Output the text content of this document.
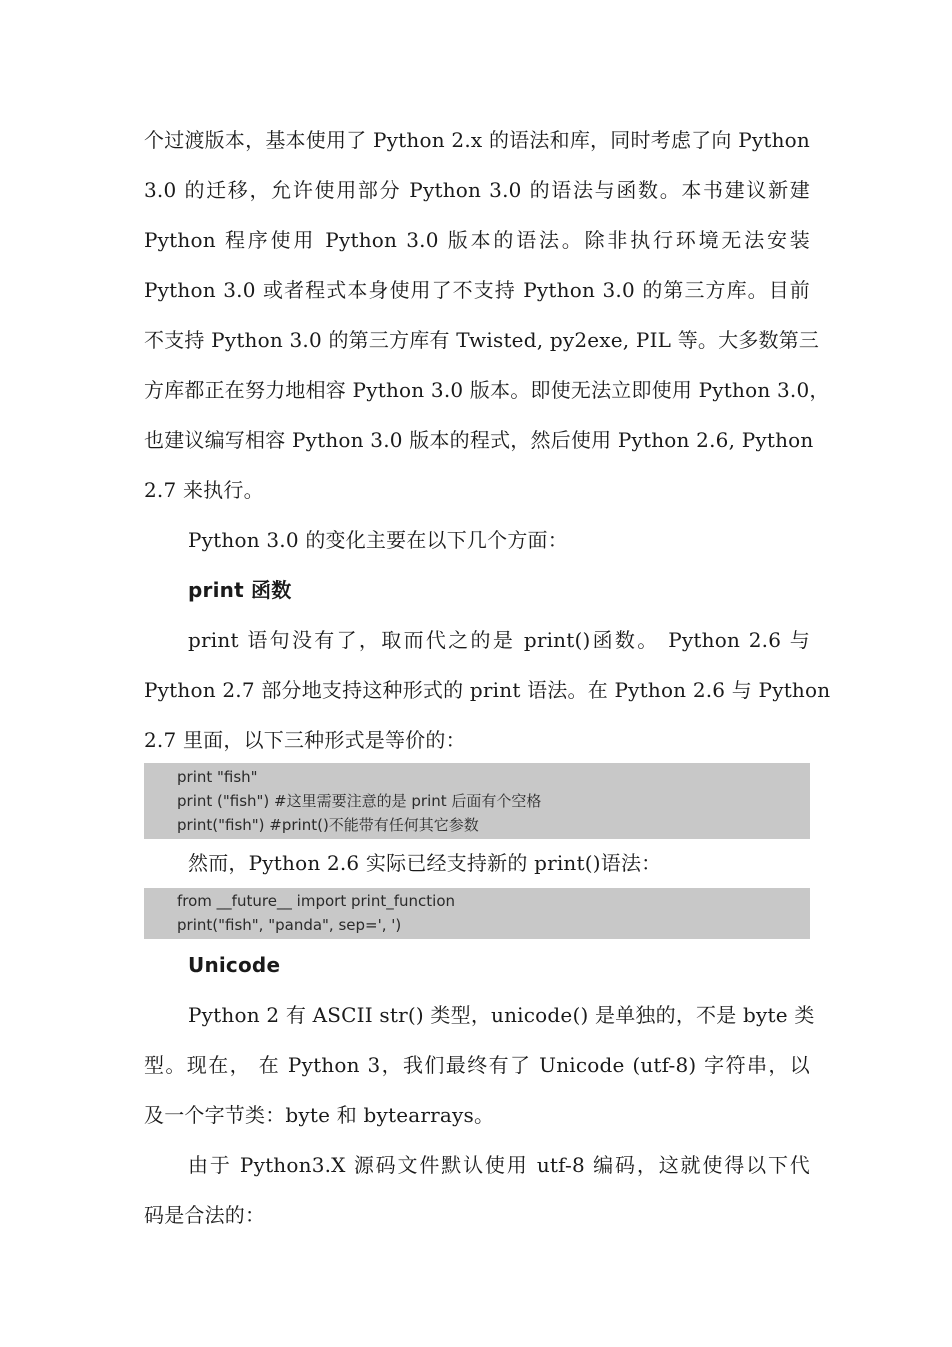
个过渡版本，基本使用了 Python 2.x 的语法和库，同时考虑了向 Python
3.0 的迁移，允许使用部分 Python 3.0 的语法与函数。本书建议新建
Python 程序使用 Python 3.0 版本的语法。除非执行环境无法安装
Python 3.0 或者程式本身使用了不支持 Python 3.0 的第三方库。目前
不支持 Python 3.0 的第三方库有 Twisted, py2exe, PIL 等。大多数第三
方库都正在努力地相容 Python 3.0 版本。即使无法立即使用 Python 3.0，
也建议编写相容 Python 3.0 版本的程式，然后使用 Python 2.6, Python
2.7 来执行。
Python 3.0 的变化主要在以下几个方面：
print 函数
print 语句没有了，取而代之的是 print()函数。 Python 2.6 与
Python 2.7 部分地支持这种形式的 print 语法。在 Python 2.6 与 Python
2.7 里面，以下三种形式是等价的：
print "fish"
print ("fish") #这里需要注意的是 print 后面有个空格
print("fish") #print()不能带有任何其它参数
然而，Python 2.6 实际已经支持新的 print()语法：
from __future__ import print_function
print("fish", "panda", sep=', ')
Unicode
Python 2 有 ASCII str() 类型，unicode() 是单独的，不是 byte 类
型。现在， 在 Python 3，我们最终有了 Unicode (utf-8) 字符串，以
及一个字节类：byte 和 bytearrays。
由于 Python3.X 源码文件默认使用 utf-8 编码，这就使得以下代
码是合法的：
